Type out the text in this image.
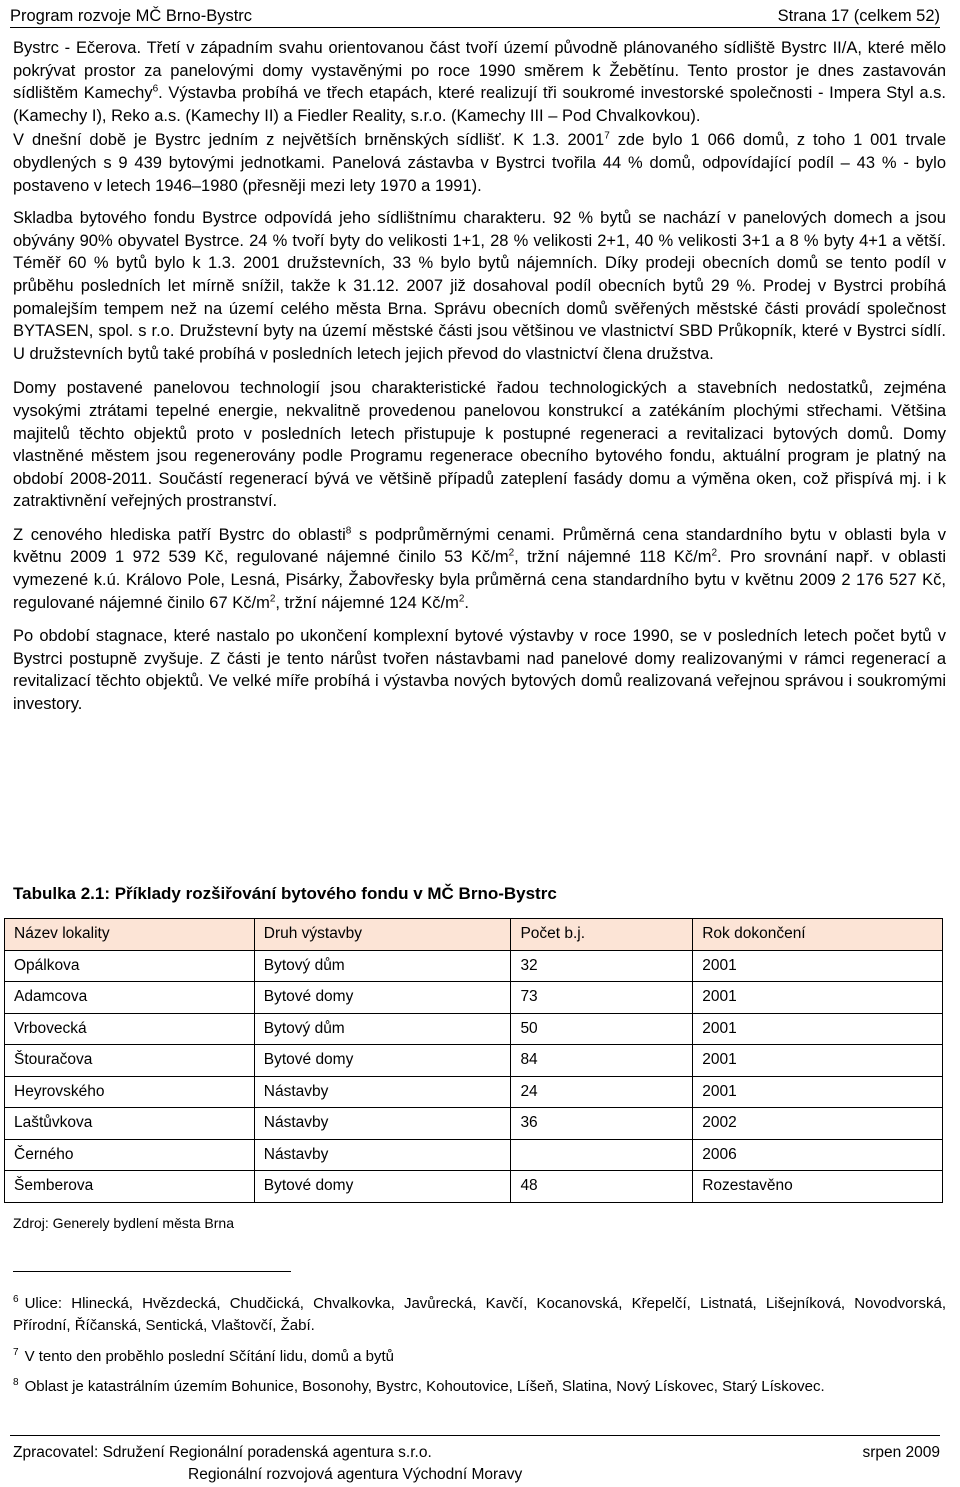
Program rozvoje MČ Brno-Bystrc	Strana 17 (celkem 52)

Bystrc - Ečerova. Třetí v západním svahu orientovanou část tvoří území původně plánovaného sídliště Bystrc II/A, které mělo pokrývat prostor za panelovými domy vystavěnými po roce 1990 směrem k Žebětínu. Tento prostor je dnes zastavován sídlištěm Kamechy$^6$. Výstavba probíhá ve třech etapách, které realizují tři soukromé investorské společnosti - Impera Styl a.s. (Kamechy I), Reko a.s. (Kamechy II) a Fiedler Reality, s.r.o. (Kamechy III – Pod Chvalkovkou).

V dnešní době je Bystrc jedním z největších brněnských sídlišť. K 1.3. 2001$^7$ zde bylo 1 066 domů, z toho 1 001 trvale obydlených s 9 439 bytovými jednotkami. Panelová zástavba v Bystrci tvořila 44 % domů, odpovídající podíl – 43 % - bylo postaveno v letech 1946–1980 (přesněji mezi lety 1970 a 1991).

Skladba bytového fondu Bystrce odpovídá jeho sídlištnímu charakteru. 92 % bytů se nachází v panelových domech a jsou obývány 90% obyvatel Bystrce. 24 % tvoří byty do velikosti 1+1, 28 % velikosti 2+1, 40 % velikosti 3+1 a 8 % byty 4+1 a větší. Téměř 60 % bytů bylo k 1.3. 2001 družstevních, 33 % bylo bytů nájemních. Díky prodeji obecních domů se tento podíl v průběhu posledních let mírně snížil, takže k 31.12. 2007 již dosahoval podíl obecních bytů 29 %. Prodej v Bystrci probíhá pomalejším tempem než na území celého města Brna. Správu obecních domů svěřených městské části provádí společnost BYTASEN, spol. s r.o. Družstevní byty na území městské části jsou většinou ve vlastnictví SBD Průkopník, které v Bystrci sídlí. U družstevních bytů také probíhá v posledních letech jejich převod do vlastnictví člena družstva.

Domy postavené panelovou technologií jsou charakteristické řadou technologických a stavebních nedostatků, zejména vysokými ztrátami tepelné energie, nekvalitně provedenou panelovou konstrukcí a zatékáním plochými střechami. Většina majitelů těchto objektů proto v posledních letech přistupuje k postupné regeneraci a revitalizaci bytových domů. Domy vlastněné městem jsou regenerovány podle Programu regenerace obecního bytového fondu, aktuální program je platný na období 2008-2011. Součástí regenerací bývá ve většině případů zateplení fasády domu a výměna oken, což přispívá mj. i k zatraktivnění veřejných prostranství.

Z cenového hlediska patří Bystrc do oblasti$^8$ s podprůměrnými cenami. Průměrná cena standardního bytu v oblasti byla v květnu 2009 1 972 539 Kč, regulované nájemné činilo 53 $Kč/m^2$, tržní nájemné 118 $Kč/m^2$. Pro srovnání např. v oblasti vymezené k.ú. Královo Pole, Lesná, Pisárky, Žabovřesky byla průměrná cena standardního bytu v květnu 2009 2 176 527 Kč, regulované nájemné činilo 67 $Kč/m^2$, tržní nájemné 124 $Kč/m^2$.

Po období stagnace, které nastalo po ukončení komplexní bytové výstavby v roce 1990, se v posledních letech počet bytů v Bystrci postupně zvyšuje. Z části je tento nárůst tvořen nástavbami nad panelové domy realizovanými v rámci regenerací a revitalizací těchto objektů. Ve velké míře probíhá i výstavba nových bytových domů realizovaná veřejnou správou i soukromými investory.

Tabulka 2.1: Příklady rozšiřování bytového fondu v MČ Brno-Bystrc
Název lokality	Druh výstavby	Počet b.j.	Rok dokončení
Opálkova	Bytový dům	32	2001
Adamcova	Bytové domy	73	2001
Vrbovecká	Bytový dům	50	2001
Štouračova	Bytové domy	84	2001
Heyrovského	Nástavby	24	2001
Laštůvkova	Nástavby	36	2002
Černého	Nástavby		2006
Šemberova	Bytové domy	48	Rozestavěno
Zdroj: Generely bydlení města Brna
$^6$ Ulice: Hlinecká, Hvězdecká, Chudčická, Chvalkovka, Javůrecká, Kavčí, Kocanovská, Křepelčí, Listnatá, Lišejníková, Novodvorská, Přírodní, Říčanská, Sentická, Vlaštovčí, Žabí.
$^7$ V tento den proběhlo poslední Sčítání lidu, domů a bytů
$^8$ Oblast je katastrálním územím Bohunice, Bosonohy, Bystrc, Kohoutovice, Líšeň, Slatina, Nový Lískovec, Starý Lískovec.
Zpracovatel: Sdružení Regionální poradenská agentura s.r.o.	srpen 2009
Regionální rozvojová agentura Východní Moravy
